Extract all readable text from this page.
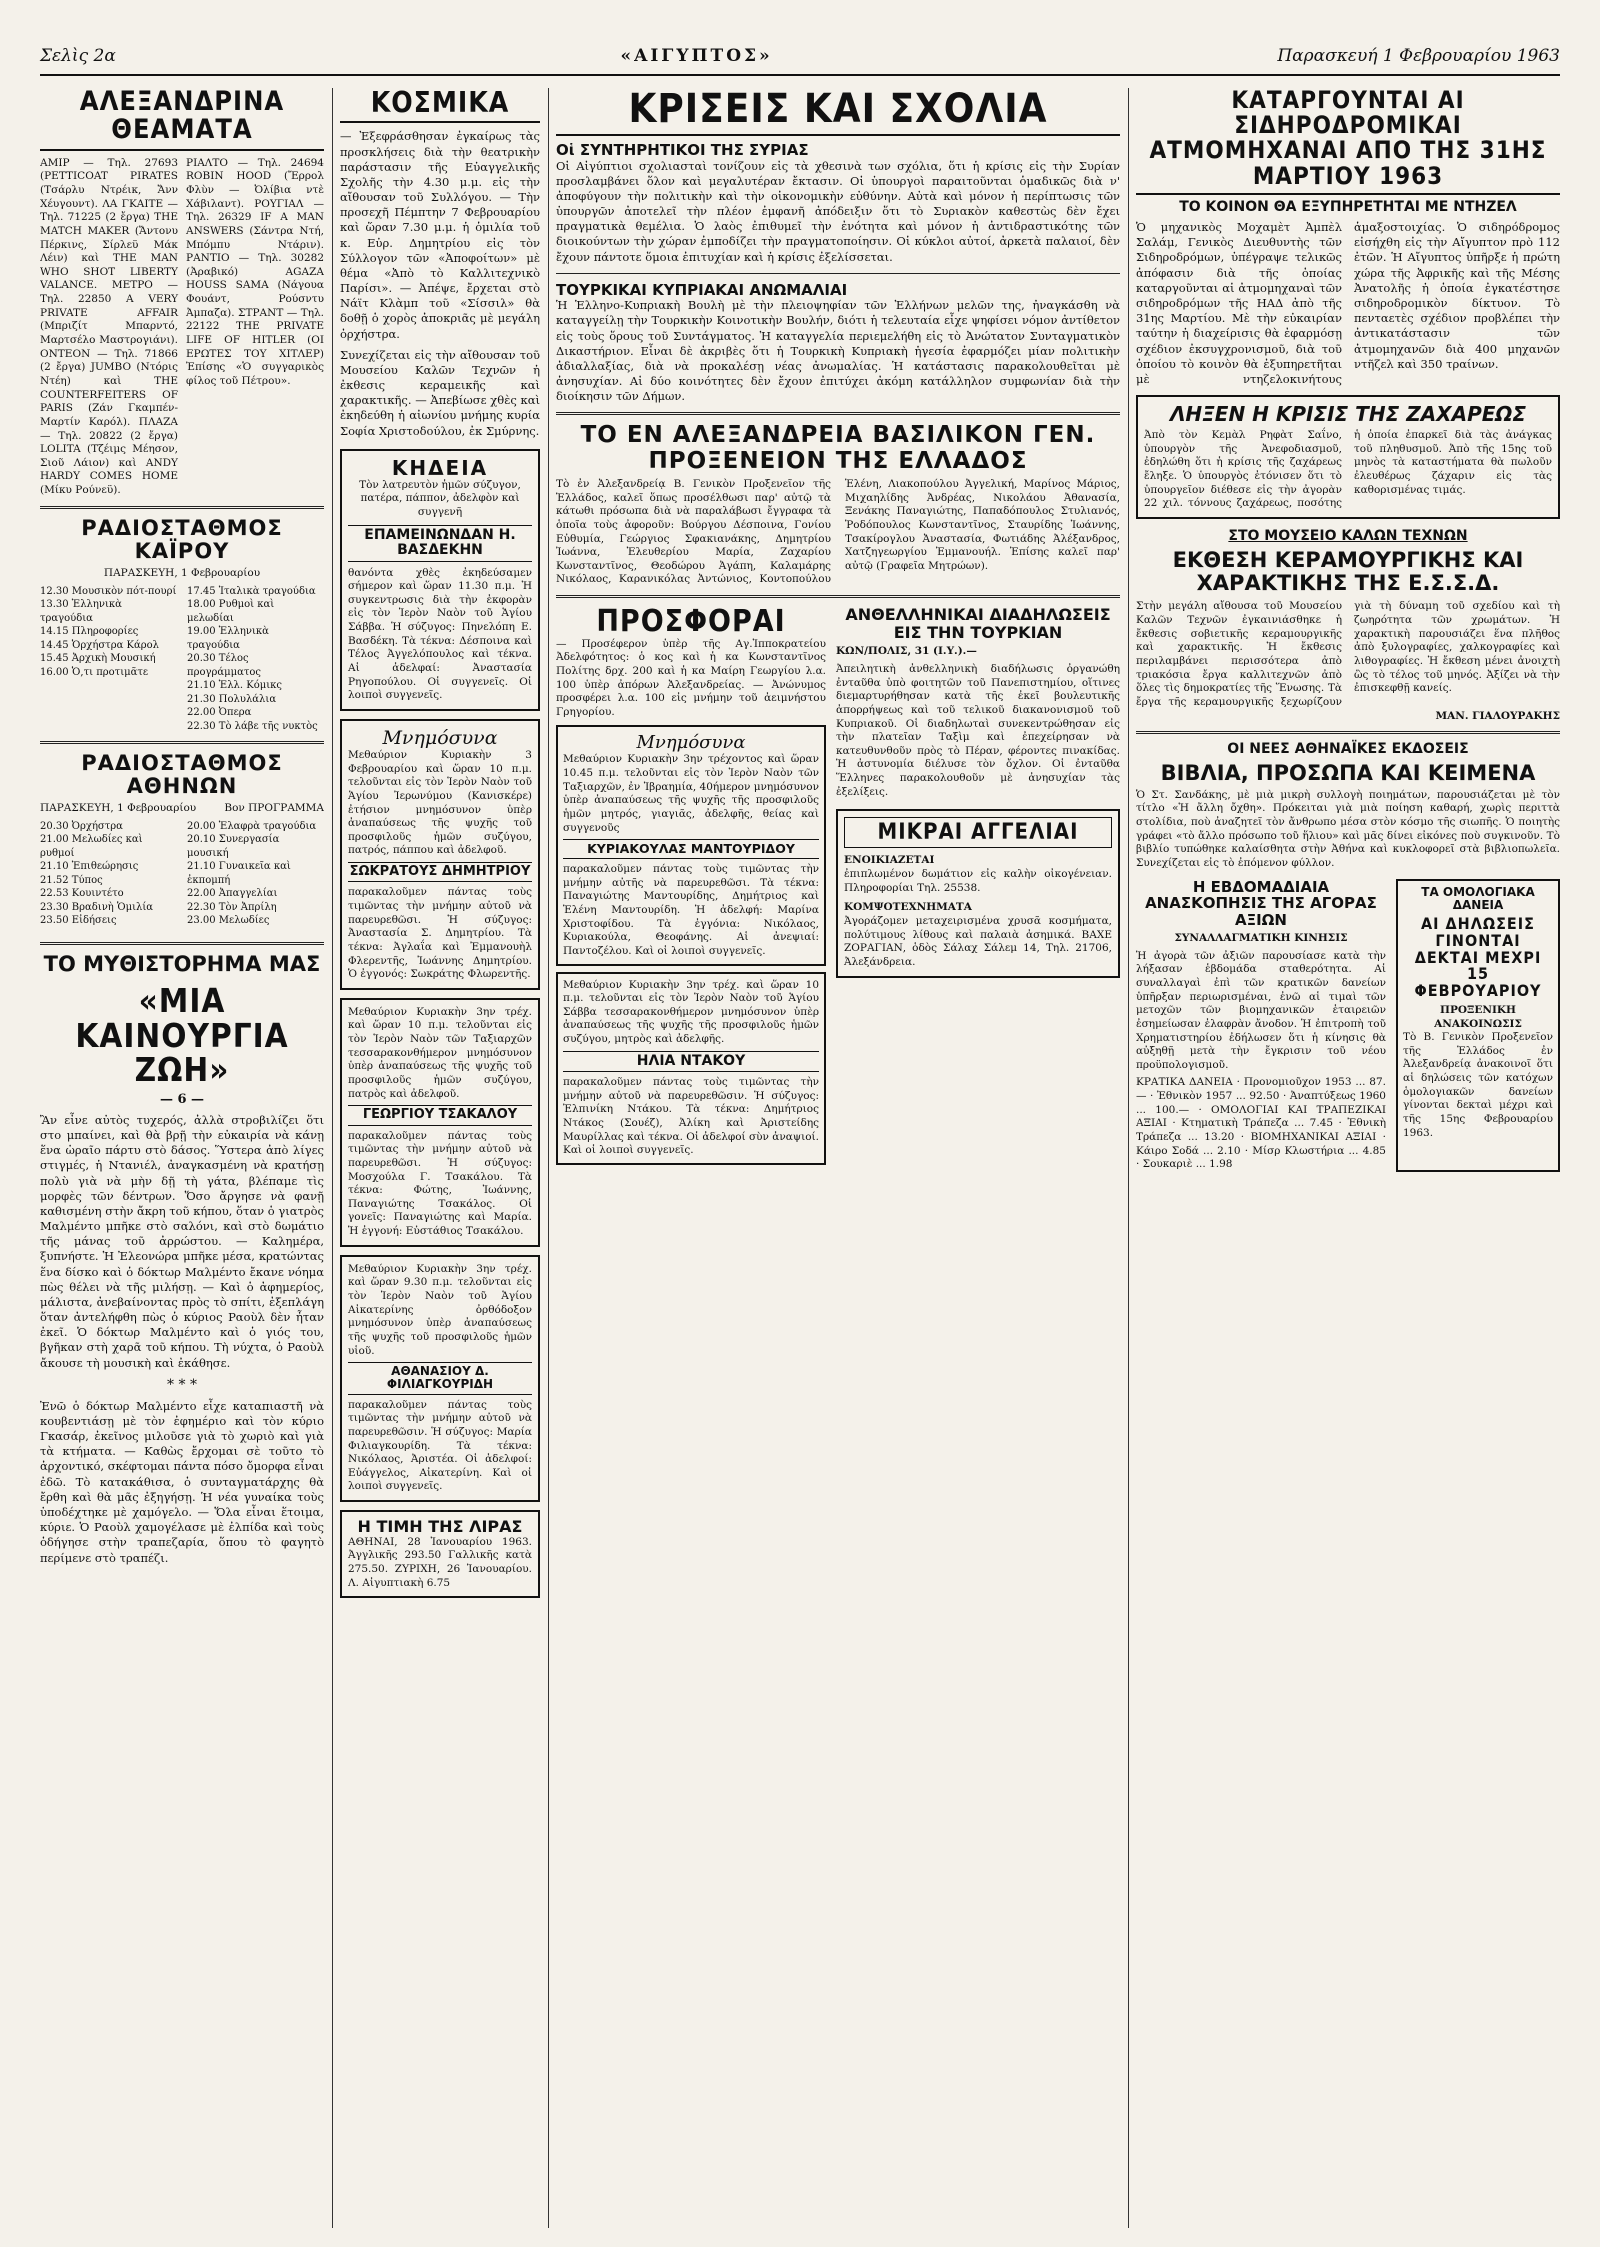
Σελὶς 2α	«ΑΙΓΥΠΤΟΣ»	Παρασκευή 1 Φεβρουαρίου 1963
ΑΛΕΞΑΝΔΡΙΝΑ ΘΕΑΜΑΤΑ

ΑΜΙΡ — Τηλ. 27693 (PETTICOAT PIRATES (Τσάρλυ Ντρέικ, Ἄνν Χέυγουντ). ΛΑ ΓΚΑΙΤΕ — Τηλ. 71225 (2 ἔργα) THE MATCH MAKER (Ἄντονυ Πέρκινς, Σίρλεϋ Μάκ Λέιν) καὶ THE MAN WHO SHOT LIBERTY VALANCE. ΜΕΤΡΟ — Τηλ. 22850 A VERY PRIVATE AFFAIR (Μπριζίτ Μπαρντό, Μαρτσέλο Μαστρογιάνι). ΟΝΤΕΟΝ — Τηλ. 71866 (2 ἔργα) JUMBO (Ντόρις Ντέη) καὶ THE COUNTERFEITERS OF PARIS (Ζάν Γκαμπέν-Μαρτίν Καρόλ). ΠΛΑΖΑ — Τηλ. 20822 (2 ἔργα) LOLITA (Τζέιμς Μέησον, Σιοῦ Λάιον) καὶ ANDY HARDY COMES HOME (Μίκυ Ρούνεϋ).

ΡΙΑΛΤΟ — Τηλ. 24694 ROBIN HOOD (Ἔρρολ Φλὺν — Ὀλίβια ντὲ Χάβιλαντ). ΡΟΥΓΙΑΛ — Τηλ. 26329 IF A MAN ANSWERS (Σάντρα Ντή, Μπόμπυ Ντάριν). ΡΑΝΤΙΟ — Τηλ. 30282 (Ἀραβικό) AGAZA HOUSS SAMA (Νάγουα Φουάντ, Ρούσντυ Ἀμπαζα). ΣΤΡΑΝΤ — Τηλ. 22122 THE PRIVATE LIFE OF HITLER (ΟΙ ΕΡΩΤΕΣ ΤΟΥ ΧΙΤΛΕΡ) Ἐπίσης «Ὁ συγγαρικὸς φίλος τοῦ Πέτρου».

ΡΑΔΙΟΣΤΑΘΜΟΣ ΚΑΪΡΟΥ
ΠΑΡΑΣΚΕΥΗ, 1 Φεβρουαρίου
12.30 Μουσικὸν πότ-πουρί
13.30 Ἑλληνικὰ τραγούδια
14.15 Πληροφορίες
14.45 Ὁρχήστρα Κάρολ
15.45 Ἀρχικὴ Μουσική
16.00 Ὁ,τι προτιμᾶτε
17.45 Ἰταλικὰ τραγούδια
18.00 Ρυθμοὶ καὶ μελωδίαι
19.00 Ἑλληνικὰ τραγούδια
20.30 Τέλος προγράμματος
21.10 Ἑλλ. Κόμικς
21.30 Πολυλάλια
22.00 Ὀπερα
22.30 Τὸ λάβε τῆς νυκτὸς
ΡΑΔΙΟΣΤΑΘΜΟΣ ΑΘΗΝΩΝ
ΠΑΡΑΣΚΕΥΗ, 1 Φεβρουαρίου	Βον ΠΡΟΓΡΑΜΜΑ
20.30 Ὀρχήστρα
21.00 Μελωδίες καὶ ρυθμοί
21.10 Ἐπιθεώρησις
21.52 Τύπος
22.53 Κουιντέτο
23.30 Βραδινὴ Ὁμιλία
23.50 Εἰδήσεις
20.00 Ἐλαφρὰ τραγούδια
20.10 Συνεργασία μουσική
21.10 Γυναικεῖα καὶ ἐκπομπή
22.00 Ἀπαγγελίαι
22.30 Τὸν Ἀπρίλη
23.00 Μελωδίες
ΤΟ ΜΥΘΙΣΤΟΡΗΜΑ ΜΑΣ
«ΜΙΑ ΚΑΙΝΟΥΡΓΙΑ ΖΩΗ»
— 6 —

Ἂν εἶνε αὐτὸς τυχερός, ἀλλὰ στροβιλίζει ὅτι στο μπαίνει, καὶ θὰ βρῇ τὴν εὐκαιρία νὰ κάνῃ ἕνα ὡραῖο πάρτυ στὸ δάσος. Ὕστερα ἀπὸ λίγες στιγμές, ἡ Ντανιέλ, ἀναγκασμένη νὰ κρατήσῃ πολὺ γιὰ νὰ μὴν δῇ τὴ γάτα, βλέπαμε τὶς μορφὲς τῶν δέντρων. Ὅσο ἄργησε νὰ φανῇ καθισμένη στὴν ἄκρη τοῦ κήπου, ὅταν ὁ γιατρὸς Μαλμέντο μπῆκε στὸ σαλόνι, καὶ στὸ δωμάτιο τῆς μάνας τοῦ ἀρρώστου. — Καλημέρα, ξυπνήστε. Ἡ Ἐλεονώρα μπῆκε μέσα, κρατώντας ἕνα δίσκο καὶ ὁ δόκτωρ Μαλμέντο ἔκανε νόημα πὼς θέλει νὰ τῆς μιλήσῃ. — Καὶ ὁ ἀφημερίος, μάλιστα, ἀνεβαίνοντας πρὸς τὸ σπίτι, ἐξεπλάγη ὅταν ἀντελήφθη πὼς ὁ κύριος Ραοὺλ δὲν ἦταν ἐκεῖ. Ὁ δόκτωρ Μαλμέντο καὶ ὁ γιός του, βγῆκαν στὴ χαρᾶ τοῦ κήπου. Τὴ νύχτα, ὁ Ραοὺλ ἄκουσε τὴ μουσικὴ καὶ ἐκάθησε.

* * *

Ἐνῶ ὁ δόκτωρ Μαλμέντο εἶχε καταπιαστῆ νὰ κουβεντιάσῃ μὲ τὸν ἐφημέριο καὶ τὸν κύριο Γκασάρ, ἐκεῖνος μιλοῦσε γιὰ τὸ χωριὸ καὶ γιὰ τὰ κτήματα. — Καθὼς ἔρχομαι σὲ τοῦτο τὸ ἀρχοντικό, σκέφτομαι πάντα πόσο ὄμορφα εἶναι ἐδῶ. Τὸ κατακάθισα, ὁ συνταγματάρχης θὰ ἔρθη καὶ θὰ μᾶς ἐξηγήσῃ. Ἡ νέα γυναίκα τοὺς ὑποδέχτηκε μὲ χαμόγελο. — Ὅλα εἶναι ἕτοιμα, κύριε. Ὁ Ραοὺλ χαμογέλασε μὲ ἐλπίδα καὶ τοὺς ὁδήγησε στὴν τραπεζαρία, ὅπου τὸ φαγητὸ περίμενε στὸ τραπέζι.

ΚΟΣΜΙΚΑ

— Ἐξεφράσθησαν ἐγκαίρως τὰς προσκλήσεις διὰ τὴν θεατρικὴν παράστασιν τῆς Εὐαγγελικῆς Σχολῆς τὴν 4.30 μ.μ. εἰς τὴν αἴθουσαν τοῦ Συλλόγου. — Τὴν προσεχῆ Πέμπτην 7 Φεβρουαρίου καὶ ὥραν 7.30 μ.μ. ἡ ὁμιλία τοῦ κ. Εὐρ. Δημητρίου εἰς τὸν Σύλλογον τῶν «Ἀποφοίτων» μὲ θέμα «Ἀπὸ τὸ Καλλιτεχνικὸ Παρίσι». — Ἀπέψε, ἔρχεται στὸ Νάϊτ Κλὰμπ τοῦ «Σίσσιλ» θὰ δοθῇ ὁ χορὸς ἀποκριᾶς μὲ μεγάλη ὀρχήστρα.

Συνεχίζεται εἰς τὴν αἴθουσαν τοῦ Μουσείου Καλῶν Τεχνῶν ἡ ἐκθεσις κεραμεικῆς καὶ χαρακτικῆς. — Ἀπεβίωσε χθὲς καὶ ἐκηδεύθη ἡ αἰωνίου μνήμης κυρία Σοφία Χριστοδούλου, ἐκ Σμύρνης.

ΚΗΔΕΙΑ

Τὸν λατρευτὸν ἡμῶν σύζυγον, πατέρα, πάππον, ἀδελφὸν καὶ συγγενῆ

ΕΠΑΜΕΙΝΩΝΔΑΝ Η. ΒΑΣΔΕΚΗΝ

θανόντα χθὲς ἐκηδεύσαμεν σήμερον καὶ ὥραν 11.30 π.μ. Ἡ συγκεντρωσις διὰ τὴν ἐκφορὰν εἰς τὸν Ἱερὸν Ναὸν τοῦ Ἁγίου Σάββα. Ἡ σύζυγος: Πηνελόπη Ε. Βασδέκη. Τὰ τέκνα: Δέσποινα καὶ Τέλος Ἀγγελόπουλος καὶ τέκνα. Αἱ ἀδελφαί: Ἀναστασία Ρηγοπούλου. Οἱ συγγενεῖς. Οἱ λοιποὶ συγγενεῖς.

Μνημόσυνα

Μεθαύριον Κυριακὴν 3 Φεβρουαρίου καὶ ὥραν 10 π.μ. τελοῦνται εἰς τὸν Ἱερὸν Ναὸν τοῦ Ἁγίου Ἰερωνύμου (Κανισκέρε) ἐτήσιον μνημόσυνον ὑπὲρ ἀναπαύσεως τῆς ψυχῆς τοῦ προσφιλοῦς ἡμῶν συζύγου, πατρός, πάππου καὶ ἀδελφοῦ.

ΣΩΚΡΑΤΟΥΣ ΔΗΜΗΤΡΙΟΥ

παρακαλοῦμεν πάντας τοὺς τιμῶντας τὴν μνήμην αὐτοῦ νὰ παρευρεθῶσι. Ἡ σύζυγος: Ἀναστασία Σ. Δημητρίου. Τὰ τέκνα: Ἀγλαΐα καὶ Ἐμμανουὴλ Φλερεντῆς, Ἰωάννης Δημητρίου. Ὁ ἐγγονός: Σωκράτης Φλωρεντῆς.

Μεθαύριον Κυριακὴν 3ην τρέχ. καὶ ὥραν 10 π.μ. τελοῦνται εἰς τὸν Ἱερὸν Ναὸν τῶν Ταξιαρχῶν τεσσαρακονθήμερον μνημόσυνον ὑπὲρ ἀναπαύσεως τῆς ψυχῆς τοῦ προσφιλοῦς ἡμῶν συζύγου, πατρὸς καὶ ἀδελφοῦ.

ΓΕΩΡΓΙΟΥ ΤΣΑΚΑΛΟΥ

παρακαλοῦμεν πάντας τοὺς τιμῶντας τὴν μνήμην αὐτοῦ νὰ παρευρεθῶσι. Ἡ σύζυγος: Μοσχούλα Γ. Τσακάλου. Τὰ τέκνα: Φώτης, Ἰωάννης, Παναγιώτης Τσακάλος. Οἱ γονεῖς: Παναγιώτης καὶ Μαρία. Ἡ ἐγγονή: Εὐστάθιος Τσακάλου.

Μεθαύριον Κυριακὴν 3ην τρέχ. καὶ ὥραν 9.30 π.μ. τελοῦνται εἰς τὸν Ἱερὸν Ναὸν τοῦ Ἁγίου Αἰκατερίνης ὀρθόδοξον μνημόσυνον ὑπὲρ ἀναπαύσεως τῆς ψυχῆς τοῦ προσφιλοῦς ἡμῶν υἱοῦ.

ΑΘΑΝΑΣΙΟΥ Δ. ΦΙΛΙΑΓΚΟΥΡΙΔΗ

παρακαλοῦμεν πάντας τοὺς τιμῶντας τὴν μνήμην αὐτοῦ νὰ παρευρεθῶσιν. Ἡ σύζυγος: Μαρία Φιλιαγκουρίδη. Τὰ τέκνα: Νικόλαος, Ἀριστέα. Οἱ ἀδελφοί: Εὐάγγελος, Αἰκατερίνη. Καὶ οἱ λοιποὶ συγγενεῖς.

Η ΤΙΜΗ ΤΗΣ ΛΙΡΑΣ

ΑΘΗΝΑΙ, 28 Ἰανουαρίου 1963. Ἀγγλικῆς 293.50 Γαλλικῆς κατὰ 275.50. ΖΥΡΙΧΗ, 26 Ἰανουαρίου. Λ. Αἰγυπτιακὴ 6.75

ΚΡΙΣΕΙΣ ΚΑΙ ΣΧΟΛΙΑ
Οἱ ΣΥΝΤΗΡΗΤΙΚΟΙ ΤΗΣ ΣΥΡΙΑΣ

Οἱ Αἰγύπτιοι σχολιασταὶ τονίζουν εἰς τὰ χθεσινὰ των σχόλια, ὅτι ἡ κρίσις εἰς τὴν Συρίαν προσλαμβάνει ὅλον καὶ μεγαλυτέραν ἔκτασιν. Οἱ ὑπουργοὶ παραιτοῦνται ὁμαδικῶς διὰ ν' ἀποφύγουν τὴν πολιτικὴν καὶ τὴν οἰκονομικὴν εὐθύνην. Αὐτὰ καὶ μόνον ἡ περίπτωσις τῶν ὑπουργῶν ἀποτελεῖ τὴν πλέον ἐμφανῆ ἀπόδειξιν ὅτι τὸ Συριακὸν καθεστὼς δὲν ἔχει πραγματικὰ θεμέλια. Ὁ λαὸς ἐπιθυμεῖ τὴν ἐνότητα καὶ μόνον ἡ ἀντιδραστικότης τῶν διοικούντων τὴν χώραν ἐμποδίζει τὴν πραγματοποίησιν. Οἱ κύκλοι αὐτοί, ἀρκετὰ παλαιοί, δὲν ἔχουν πάντοτε ὅμοια ἐπιτυχίαν καὶ ἡ κρίσις ἐξελίσσεται.

ΤΟΥΡΚΙΚΑΙ ΚΥΠΡΙΑΚΑΙ ΑΝΩΜΑΛΙΑΙ

Ἡ Ἑλληνο-Κυπριακὴ Βουλὴ μὲ τὴν πλειοψηφίαν τῶν Ἑλλήνων μελῶν της, ἠναγκάσθη νὰ καταγγείλῃ τὴν Τουρκικὴν Κοινοτικὴν Βουλήν, διότι ἡ τελευταία εἶχε ψηφίσει νόμον ἀντίθετον εἰς τοὺς ὅρους τοῦ Συντάγματος. Ἡ καταγγελία περιεμελήθη εἰς τὸ Ἀνώτατον Συνταγματικὸν Δικαστήριον. Εἶναι δὲ ἀκριβὲς ὅτι ἡ Τουρκικὴ Κυπριακὴ ἡγεσία ἐφαρμόζει μίαν πολιτικὴν ἀδιαλλαξίας, διὰ νὰ προκαλέσῃ νέας ἀνωμαλίας. Ἡ κατάστασις παρακολουθεῖται μὲ ἀνησυχίαν. Αἱ δύο κοινότητες δὲν ἔχουν ἐπιτύχει ἀκόμη κατάλληλον συμφωνίαν διὰ τὴν διοίκησιν τῶν Δήμων.

ΤΟ ΕΝ ΑΛΕΞΑΝΔΡΕΙΑ ΒΑΣΙΛΙΚΟΝ ΓΕΝ. ΠΡΟΞΕΝΕΙΟΝ ΤΗΣ ΕΛΛΑΔΟΣ

Τὸ ἐν Ἀλεξανδρείᾳ Β. Γενικὸν Προξενεῖον τῆς Ἑλλάδος, καλεῖ ὅπως προσέλθωσι παρ' αὐτῷ τὰ κάτωθι πρόσωπα διὰ νὰ παραλάβωσι ἔγγραφα τὰ ὁποῖα τοὺς ἀφοροῦν: Βούργου Δέσποινα, Γονίου Εὐθυμία, Γεώργιος Σφακιανάκης, Δημητρίου Ἰωάννα, Ἐλευθερίου Μαρία, Ζαχαρίου Κωνσταντῖνος, Θεοδώρου Ἀγάπη, Καλαμάρης Νικόλαος, Καρανικόλας Ἀντώνιος, Κοντοπούλου Ἑλένη, Λιακοπούλου Ἀγγελική, Μαρίνος Μάριος, Μιχαηλίδης Ἀνδρέας, Νικολάου Ἀθανασία, Ξενάκης Παναγιώτης, Παπαδόπουλος Στυλιανός, Ῥοδόπουλος Κωνσταντῖνος, Σταυρίδης Ἰωάννης, Τσακίρογλου Ἀναστασία, Φωτιάδης Ἀλέξανδρος, Χατζηγεωργίου Ἐμμανουήλ. Ἐπίσης καλεῖ παρ' αὐτῷ (Γραφεῖα Μητρώων).

ΠΡΟΣΦΟΡΑΙ

— Προσέφερον ὑπὲρ τῆς Αγ.Ἱπποκρατείου Ἀδελφότητος: ὁ κος καὶ ἡ κα Κωνσταντῖνος Πολίτης δρχ. 200 καὶ ἡ κα Μαίρη Γεωργίου λ.α. 100 ὑπὲρ ἀπόρων Ἀλεξανδρείας. — Ἀνώνυμος προσφέρει λ.α. 100 εἰς μνήμην τοῦ ἀειμνήστου Γρηγορίου.

Μνημόσυνα

Μεθαύριον Κυριακὴν 3ην τρέχοντος καὶ ὥραν 10.45 π.μ. τελοῦνται εἰς τὸν Ἱερὸν Ναὸν τῶν Ταξιαρχῶν, ἐν Ἰβραημία, 40ήμερον μνημόσυνον ὑπὲρ ἀναπαύσεως τῆς ψυχῆς τῆς προσφιλοῦς ἡμῶν μητρός, γιαγιᾶς, ἀδελφῆς, θείας καὶ συγγενοῦς

ΚΥΡΙΑΚΟΥΛΑΣ ΜΑΝΤΟΥΡΙΔΟΥ

παρακαλοῦμεν πάντας τοὺς τιμῶντας τὴν μνήμην αὐτῆς νὰ παρευρεθῶσι. Τὰ τέκνα: Παναγιώτης Μαντουρίδης, Δημήτριος καὶ Ἑλένη Μαντουρίδη. Ἡ ἀδελφή: Μαρίνα Χριστοφίδου. Τὰ ἐγγόνια: Νικόλαος, Κυριακούλα, Θεοφάνης. Αἱ ἀνεψιαί: Παντοζέλου. Καὶ οἱ λοιποὶ συγγενεῖς.

Μεθαύριον Κυριακὴν 3ην τρέχ. καὶ ὥραν 10 π.μ. τελοῦνται εἰς τὸν Ἱερὸν Ναὸν τοῦ Ἁγίου Σάββα τεσσαρακονθήμερον μνημόσυνον ὑπὲρ ἀναπαύσεως τῆς ψυχῆς τῆς προσφιλοῦς ἡμῶν συζύγου, μητρὸς καὶ ἀδελφῆς.

ΗΛΙΑ ΝΤΑΚΟΥ

παρακαλοῦμεν πάντας τοὺς τιμῶντας τὴν μνήμην αὐτοῦ νὰ παρευρεθῶσιν. Ἡ σύζυγος: Ἐλπινίκη Ντάκου. Τὰ τέκνα: Δημήτριος Ντάκος (Σουέζ), Ἀλίκη καὶ Ἀριστείδης Μαυρίλλας καὶ τέκνα. Οἱ ἀδελφοί σὺν ἀναψιοί. Καὶ οἱ λοιποὶ συγγενεῖς.

ΑΝΘΕΛΛΗΝΙΚΑΙ ΔΙΑΔΗΛΩΣΕΙΣ ΕΙΣ ΤΗΝ ΤΟΥΡΚΙΑΝ
ΚΩΝ/ΠΟΛΙΣ, 31 (Ι.Υ.).—

Ἀπειλητικὴ ἀνθελληνικὴ διαδήλωσις ὀργανώθη ἐνταῦθα ὑπὸ φοιτητῶν τοῦ Πανεπιστημίου, οἵτινες διεμαρτυρήθησαν κατὰ τῆς ἐκεῖ βουλευτικῆς ἀπορρήψεως καὶ τοῦ τελικοῦ διακανονισμοῦ τοῦ Κυπριακοῦ. Οἱ διαδηλωταὶ συνεκεντρώθησαν εἰς τὴν πλατεῖαν Ταξὶμ καὶ ἐπεχείρησαν νὰ κατευθυνθοῦν πρὸς τὸ Πέραν, φέροντες πινακίδας. Ἡ ἀστυνομία διέλυσε τὸν ὄχλον. Οἱ ἐνταῦθα Ἕλληνες παρακολουθοῦν μὲ ἀνησυχίαν τὰς ἐξελίξεις.

ΜΙΚΡΑΙ ΑΓΓΕΛΙΑΙ
ΕΝΟΙΚΙΑΖΕΤΑΙ

ἐπιπλωμένον δωμάτιον εἰς καλὴν οἰκογένειαν. Πληροφορίαι Τηλ. 25538.

ΚΟΜΨΟΤΕΧΝΗΜΑΤΑ

Ἀγοράζομεν μεταχειρισμένα χρυσᾶ κοσμήματα, πολύτιμους λίθους καὶ παλαιὰ ἀσημικά. ΒΑΧΕ ΖΟΡΑΓΙΑΝ, ὁδὸς Σάλαχ Σάλεμ 14, Τηλ. 21706, Ἀλεξάνδρεια.

ΚΑΤΑΡΓΟΥΝΤΑΙ ΑΙ ΣΙΔΗΡΟΔΡΟΜΙΚΑΙ ΑΤΜΟΜΗΧΑΝΑΙ ΑΠΟ ΤΗΣ 31ΗΣ ΜΑΡΤΙΟΥ 1963
ΤΟ ΚΟΙΝΟΝ ΘΑ ΕΞΥΠΗΡΕΤΗΤΑΙ ΜΕ ΝΤΗΖΕΛ

Ὁ μηχανικὸς Μοχαμὲτ Ἀμπὲλ Σαλάμ, Γενικὸς Διευθυντὴς τῶν Σιδηροδρόμων, ὑπέγραψε τελικῶς ἀπόφασιν διὰ τῆς ὁποίας καταργοῦνται αἱ ἀτμομηχαναὶ τῶν σιδηροδρόμων τῆς ΗΑΔ ἀπὸ τῆς 31ης Μαρτίου. Μὲ τὴν εὐκαιρίαν ταύτην ἡ διαχείρισις θὰ ἐφαρμόσῃ σχέδιον ἐκσυγχρονισμοῦ, διὰ τοῦ ὁποίου τὸ κοινὸν θὰ ἐξυπηρετῆται μὲ ντηζελοκινήτους ἁμαξοστοιχίας. Ὁ σιδηρόδρομος εἰσήχθη εἰς τὴν Αἴγυπτον πρὸ 112 ἐτῶν. Ἡ Αἴγυπτος ὑπῆρξε ἡ πρώτη χώρα τῆς Ἀφρικῆς καὶ τῆς Μέσης Ἀνατολῆς ἡ ὁποία ἐγκατέστησε σιδηροδρομικὸν δίκτυον. Τὸ πενταετὲς σχέδιον προβλέπει τὴν ἀντικατάστασιν τῶν ἀτμομηχανῶν διὰ 400 μηχανῶν ντῆζελ καὶ 350 τραίνων.

ΛΗΞΕΝ Η ΚΡΙΣΙΣ ΤΗΣ ΖΑΧΑΡΕΩΣ

Ἀπὸ τὸν Κεμὰλ Ρηφὰτ Σαΐνο, ὑπουργὸν τῆς Ἀνεφοδιασμοῦ, ἐδηλώθη ὅτι ἡ κρίσις τῆς ζαχάρεως ἔληξε. Ὁ ὑπουργὸς ἐτόνισεν ὅτι τὸ ὑπουργεῖον διέθεσε εἰς τὴν ἀγορὰν 22 χιλ. τόννους ζαχάρεως, ποσότης ἡ ὁποία ἐπαρκεῖ διὰ τὰς ἀνάγκας τοῦ πληθυσμοῦ. Ἀπὸ τῆς 15ης τοῦ μηνὸς τὰ καταστήματα θὰ πωλοῦν ἐλευθέρως ζάχαριν εἰς τὰς καθορισμένας τιμάς.

ΣΤΟ ΜΟΥΣΕΙΟ ΚΑΛΩΝ ΤΕΧΝΩΝ
ΕΚΘΕΣΗ ΚΕΡΑΜΟΥΡΓΙΚΗΣ ΚΑΙ ΧΑΡΑΚΤΙΚΗΣ ΤΗΣ Ε.Σ.Σ.Δ.

Στὴν μεγάλη αἴθουσα τοῦ Μουσείου Καλῶν Τεχνῶν ἐγκαινιάσθηκε ἡ ἔκθεσις σοβιετικῆς κεραμουργικῆς καὶ χαρακτικῆς. Ἡ ἔκθεσις περιλαμβάνει περισσότερα ἀπὸ τριακόσια ἔργα καλλιτεχνῶν ἀπὸ ὅλες τὶς δημοκρατίες τῆς Ἕνωσης. Τὰ ἔργα τῆς κεραμουργικῆς ξεχωρίζουν γιὰ τὴ δύναμη τοῦ σχεδίου καὶ τὴ ζωηρότητα τῶν χρωμάτων. Ἡ χαρακτικὴ παρουσιάζει ἕνα πλῆθος ἀπὸ ξυλογραφίες, χαλκογραφίες καὶ λιθογραφίες. Ἡ ἔκθεση μένει ἀνοιχτὴ ὣς τὸ τέλος τοῦ μηνός. Ἀξίζει νὰ τὴν ἐπισκεφθῇ κανείς.

ΜΑΝ. ΓΙΑΛΟΥΡΑΚΗΣ
ΟΙ ΝΕΕΣ ΑΘΗΝΑΪΚΕΣ ΕΚΔΟΣΕΙΣ
ΒΙΒΛΙΑ, ΠΡΟΣΩΠΑ ΚΑΙ ΚΕΙΜΕΝΑ

Ὁ Στ. Σανδάκης, μὲ μιὰ μικρὴ συλλογὴ ποιημάτων, παρουσιάζεται μὲ τὸν τίτλο «Ἡ ἄλλη ὄχθη». Πρόκειται γιὰ μιὰ ποίηση καθαρή, χωρὶς περιττὰ στολίδια, ποὺ ἀναζητεῖ τὸν ἄνθρωπο μέσα στὸν κόσμο τῆς σιωπῆς. Ὁ ποιητὴς γράφει «τὸ ἄλλο πρόσωπο τοῦ ἥλιου» καὶ μᾶς δίνει εἰκόνες ποὺ συγκινοῦν. Τὸ βιβλίο τυπώθηκε καλαίσθητα στὴν Ἀθήνα καὶ κυκλοφορεῖ στὰ βιβλιοπωλεῖα. Συνεχίζεται εἰς τὸ ἐπόμενον φύλλον.

Η ΕΒΔΟΜΑΔΙΑΙΑ ΑΝΑΣΚΟΠΗΣΙΣ ΤΗΣ ΑΓΟΡΑΣ ΑΞΙΩΝ
ΣΥΝΑΛΛΑΓΜΑΤΙΚΗ ΚΙΝΗΣΙΣ

Ἡ ἀγορὰ τῶν ἀξιῶν παρουσίασε κατὰ τὴν λήξασαν ἑβδομάδα σταθερότητα. Αἱ συναλλαγαὶ ἐπὶ τῶν κρατικῶν δανείων ὑπῆρξαν περιωρισμέναι, ἐνῶ αἱ τιμαὶ τῶν μετοχῶν τῶν βιομηχανικῶν ἑταιρειῶν ἐσημείωσαν ἐλαφρὰν ἄνοδον. Ἡ ἐπιτροπὴ τοῦ Χρηματιστηρίου ἐδήλωσεν ὅτι ἡ κίνησις θὰ αὐξηθῇ μετὰ τὴν ἔγκρισιν τοῦ νέου προϋπολογισμοῦ.

ΚΡΑΤΙΚΑ ΔΑΝΕΙΑ · Προνομιοῦχον 1953 ... 87.— · Ἐθνικὸν 1957 ... 92.50 · Ἀναπτύξεως 1960 ... 100.— · ΟΜΟΛΟΓΙΑΙ ΚΑΙ ΤΡΑΠΕΖΙΚΑΙ ΑΞΙΑΙ · Κτηματικὴ Τράπεζα ... 7.45 · Ἐθνικὴ Τράπεζα ... 13.20 · ΒΙΟΜΗΧΑΝΙΚΑΙ ΑΞΙΑΙ · Κάιρο Σοδά ... 2.10 · Μίσρ Κλωστήρια ... 4.85 · Σουκαριὲ ... 1.98

ΤΑ ΟΜΟΛΟΓΙΑΚΑ ΔΑΝΕΙΑ
ΑΙ ΔΗΛΩΣΕΙΣ ΓΙΝΟΝΤΑΙ ΔΕΚΤΑΙ ΜΕΧΡΙ 15 ΦΕΒΡΟΥΑΡΙΟΥ
ΠΡΟΞΕΝΙΚΗ ΑΝΑΚΟΙΝΩΣΙΣ

Τὸ Β. Γενικὸν Προξενεῖον τῆς Ἑλλάδος ἐν Ἀλεξανδρείᾳ ἀνακοινοῖ ὅτι αἱ δηλώσεις τῶν κατόχων ὁμολογιακῶν δανείων γίνονται δεκταὶ μέχρι καὶ τῆς 15ης Φεβρουαρίου 1963.
